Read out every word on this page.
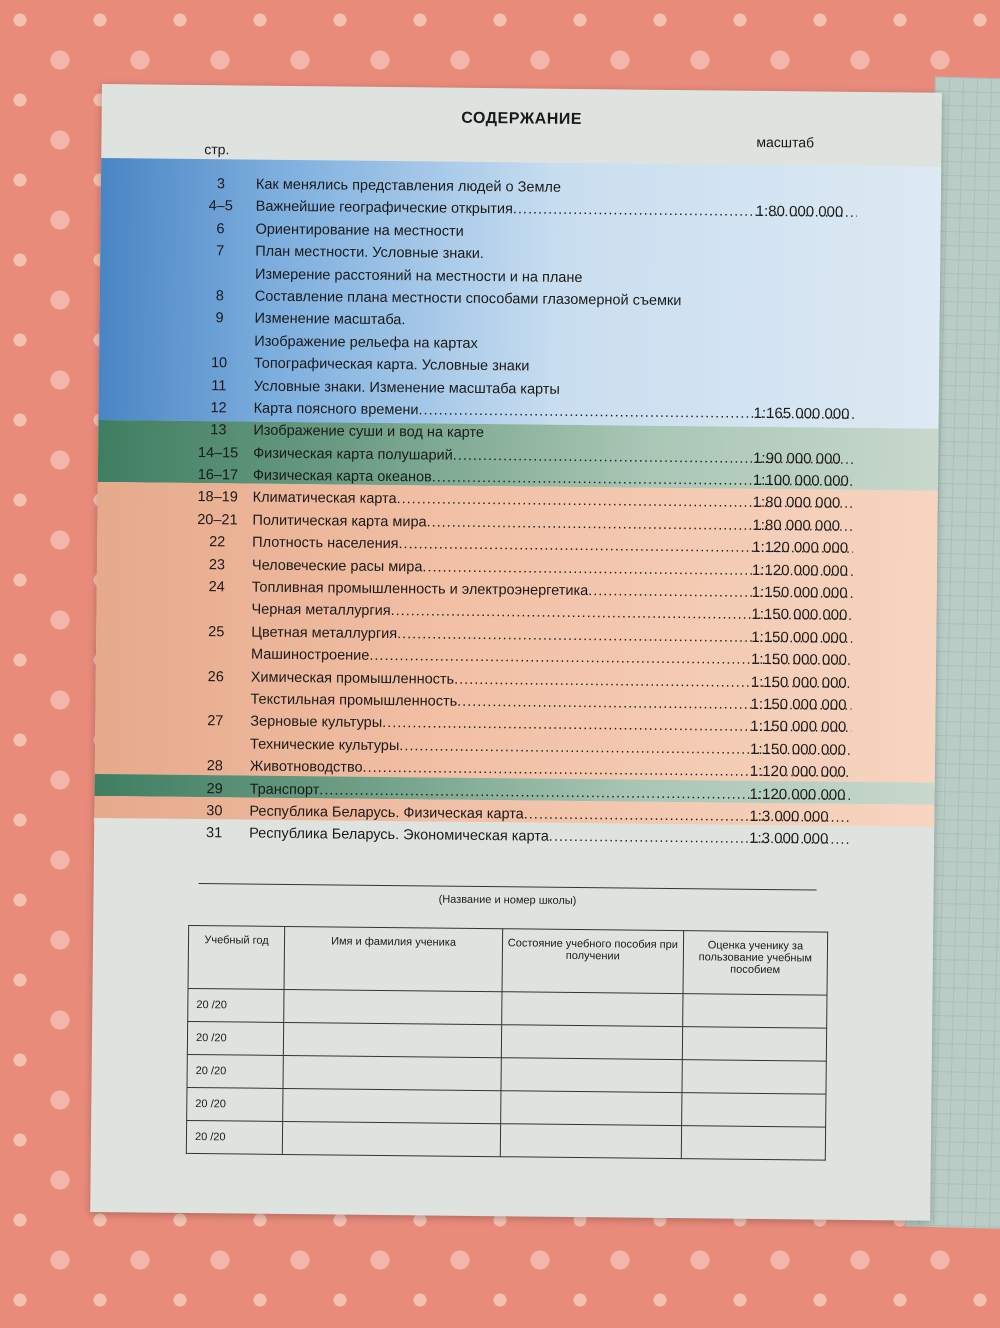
СОДЕРЖАНИЕ
стр.	масштаб
3	Как менялись представления людей о Земле
4–5	Важнейшие географические открытия .....	1:80 000 000
6	Ориентирование на местности
7	План местности. Условные знаки.
Измерение расстояний на местности и на плане
8	Составление плана местности способами глазомерной съемки
9	Изменение масштаба.
Изображение рельефа на картах
10	Топографическая карта. Условные знаки
11	Условные знаки. Изменение масштаба карты
12	Карта поясного времени .....	1:165 000 000
13	Изображение суши и вод на карте
14–15	Физическая карта полушарий .....	1:90 000 000
16–17	Физическая карта океанов .....	1:100 000 000
18–19	Климатическая карта .....	1:80 000 000
20–21	Политическая карта мира .....	1:80 000 000
22	Плотность населения .....	1:120 000 000
23	Человеческие расы мира .....	1:120 000 000
24	Топливная промышленность и электроэнергетика .....	1:150 000 000
Черная металлургия .....	1:150 000 000
25	Цветная металлургия .....	1:150 000 000
Машиностроение .....	1:150 000 000
26	Химическая промышленность .....	1:150 000 000
Текстильная промышленность .....	1:150 000 000
27	Зерновые культуры .....	1:150 000 000
Технические культуры .....	1:150 000 000
28	Животноводство .....	1:120 000 000
29	Транспорт .....	1:120 000 000
30	Республика Беларусь. Физическая карта .....	1:3 000 000
31	Республика Беларусь. Экономическая карта .....	1:3 000 000
(Название и номер школы)
Учебный год	Имя и фамилия ученика	Состояние учебного пособия при получении	Оценка ученику за пользование учебным пособием
20 /20			
20 /20			
20 /20			
20 /20			
20 /20			
